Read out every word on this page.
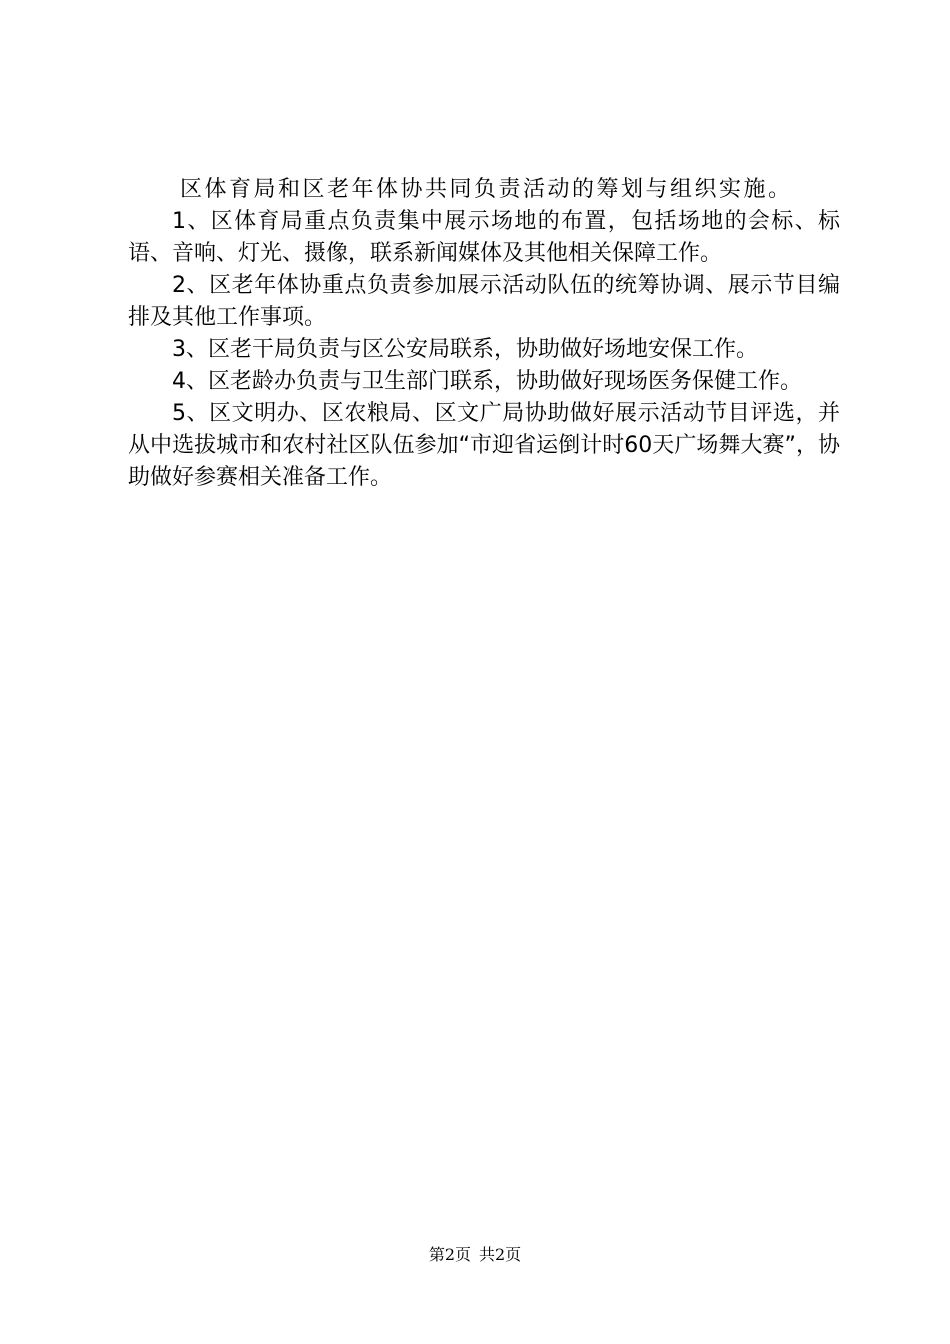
区体育局和区老年体协共同负责活动的筹划与组织实施。

1、区体育局重点负责集中展示场地的布置，包括场地的会标、标语、音响、灯光、摄像，联系新闻媒体及其他相关保障工作。

2、区老年体协重点负责参加展示活动队伍的统筹协调、展示节目编排及其他工作事项。

3、区老干局负责与区公安局联系，协助做好场地安保工作。

4、区老龄办负责与卫生部门联系，协助做好现场医务保健工作。

5、区文明办、区农粮局、区文广局协助做好展示活动节目评选，并从中选拔城市和农村社区队伍参加“市迎省运倒计时60天广场舞大赛”，协助做好参赛相关准备工作。

第2页 共2页
